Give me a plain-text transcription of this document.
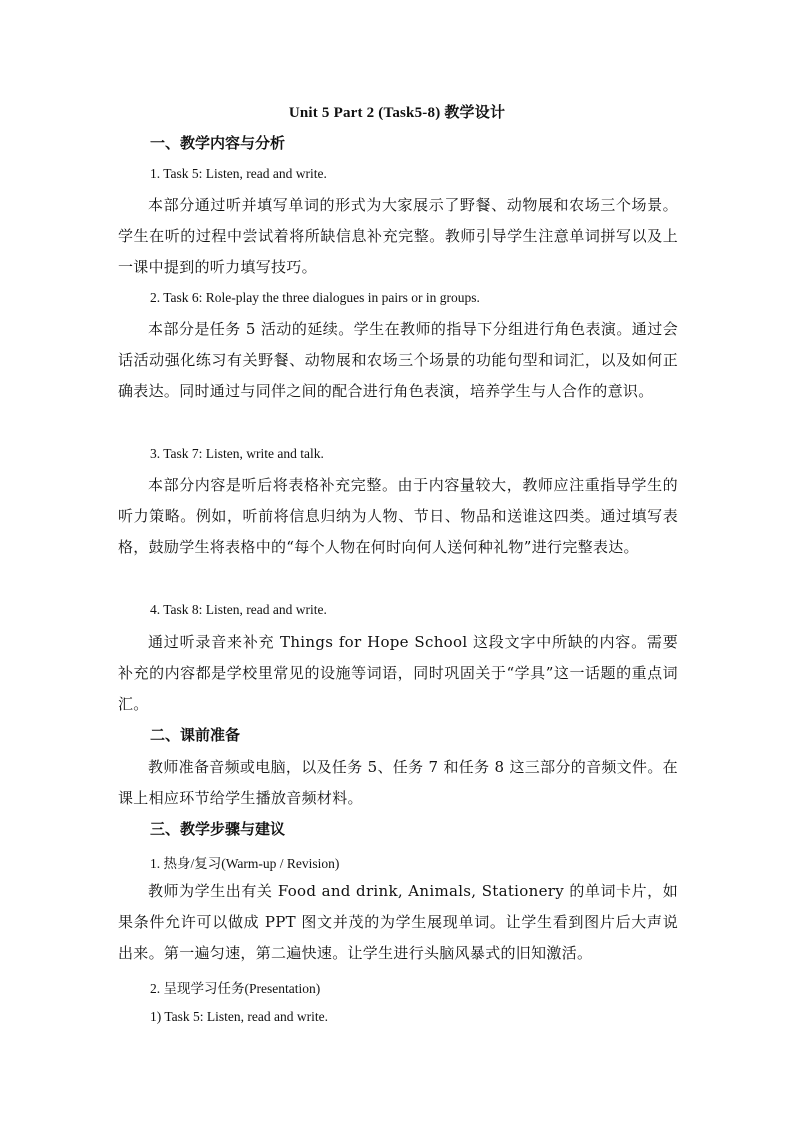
Unit 5 Part 2 (Task5-8) 教学设计
一、教学内容与分析
1. Task 5: Listen, read and write.
本部分通过听并填写单词的形式为大家展示了野餐、动物展和农场三个场景。学生在听的过程中尝试着将所缺信息补充完整。教师引导学生注意单词拼写以及上一课中提到的听力填写技巧。
2. Task 6: Role-play the three dialogues in pairs or in groups.
本部分是任务 5 活动的延续。学生在教师的指导下分组进行角色表演。通过会话活动强化练习有关野餐、动物展和农场三个场景的功能句型和词汇，以及如何正确表达。同时通过与同伴之间的配合进行角色表演，培养学生与人合作的意识。
3. Task 7: Listen, write and talk.
本部分内容是听后将表格补充完整。由于内容量较大，教师应注重指导学生的听力策略。例如，听前将信息归纳为人物、节日、物品和送谁这四类。通过填写表格，鼓励学生将表格中的“每个人物在何时向何人送何种礼物”进行完整表达。
4. Task 8: Listen, read and write.
通过听录音来补充 Things for Hope School 这段文字中所缺的内容。需要补充的内容都是学校里常见的设施等词语，同时巩固关于“学具”这一话题的重点词汇。
二、课前准备
教师准备音频或电脑，以及任务 5、任务 7 和任务 8 这三部分的音频文件。在课上相应环节给学生播放音频材料。
三、教学步骤与建议
1. 热身/复习(Warm-up / Revision)
教师为学生出有关 Food and drink, Animals, Stationery 的单词卡片，如果条件允许可以做成 PPT 图文并茂的为学生展现单词。让学生看到图片后大声说出来。第一遍匀速，第二遍快速。让学生进行头脑风暴式的旧知激活。
2. 呈现学习任务(Presentation)
1) Task 5: Listen, read and write.
